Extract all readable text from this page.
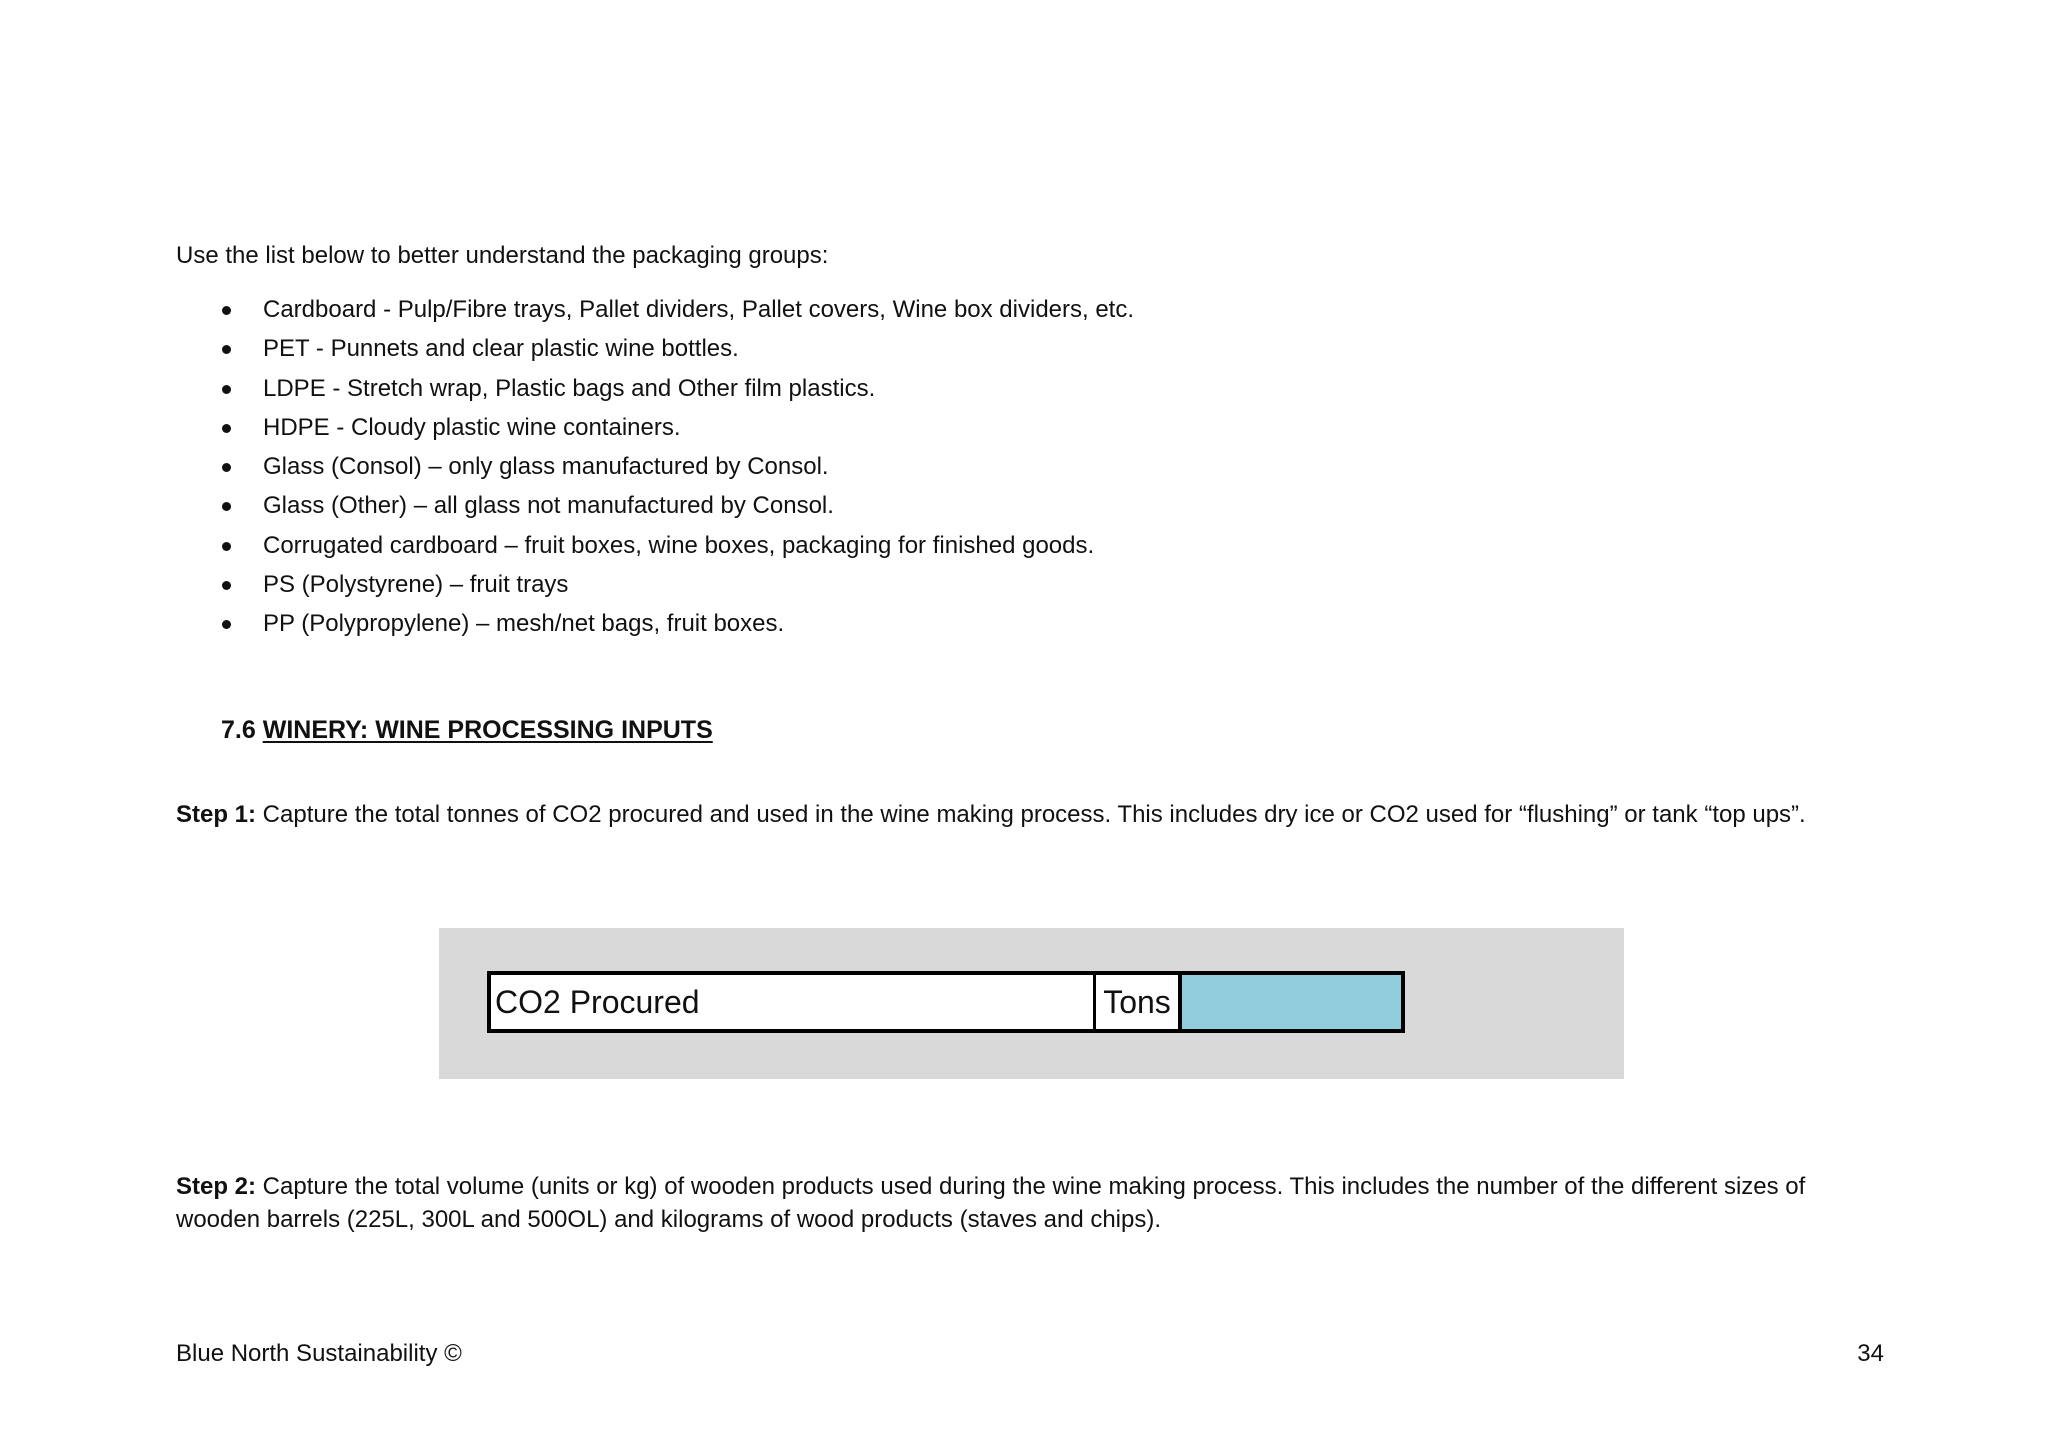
Use the list below to better understand the packaging groups:

Cardboard - Pulp/Fibre trays, Pallet dividers, Pallet covers, Wine box dividers, etc.
PET - Punnets and clear plastic wine bottles.
LDPE - Stretch wrap, Plastic bags and Other film plastics.
HDPE - Cloudy plastic wine containers.
Glass (Consol) – only glass manufactured by Consol.
Glass (Other) – all glass not manufactured by Consol.
Corrugated cardboard – fruit boxes, wine boxes, packaging for finished goods.
PS (Polystyrene) – fruit trays
PP (Polypropylene) – mesh/net bags, fruit boxes.
7.6 WINERY: WINE PROCESSING INPUTS

Step 1: Capture the total tonnes of CO2 procured and used in the wine making process. This includes dry ice or CO2 used for “flushing” or tank “top ups”.

CO2 Procured	Tons

Step 2: Capture the total volume (units or kg) of wooden products used during the wine making process. This includes the number of the different sizes of wooden barrels (225L, 300L and 500OL) and kilograms of wood products (staves and chips).

Blue North Sustainability ©	34
